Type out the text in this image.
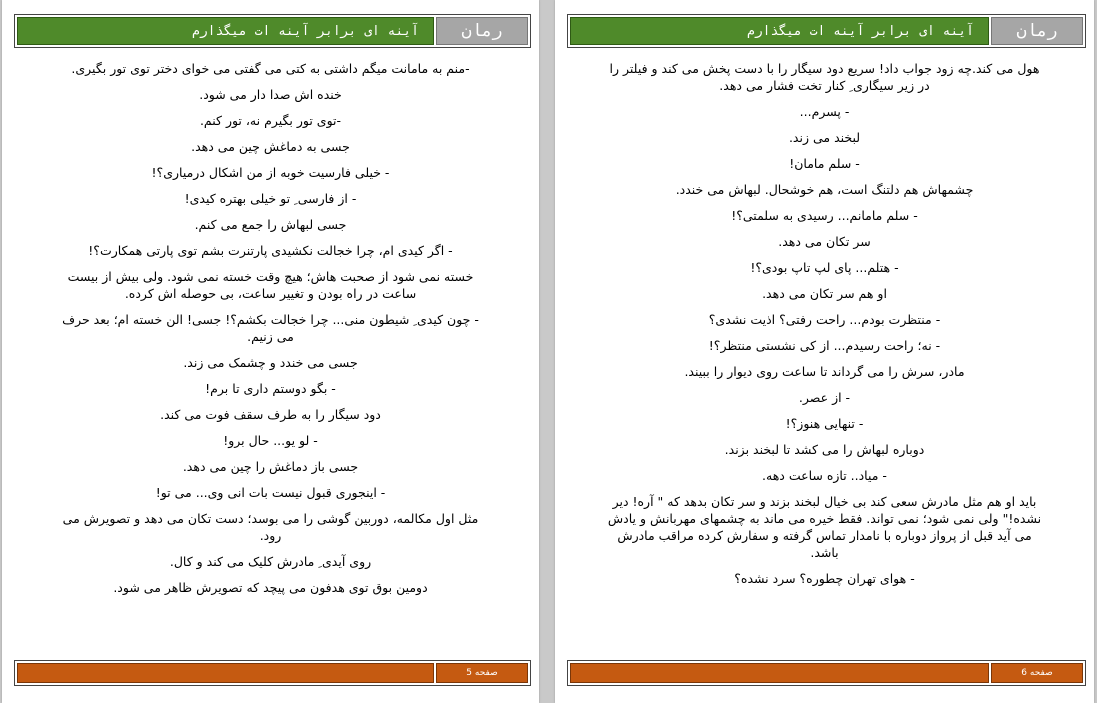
آینه ای برابر آینه ات میگذارم	رمان

-منم به مامانت میگم داشتی به کتی می گفتی می خوای دختر توی تور بگیری.

خنده اش صدا دار می شود.

-توی تور بگیرم نه، تور کنم.

جسی به دماغش چین می دهد.

- خیلی فارسیت خوبه از من اشکال درمیاری؟!

- از فارسی ِ تو خیلی بهتره کیدی!

جسی لبهاش را جمع می کنم.

- اگر کیدی ام، چرا خجالت نکشیدی پارتنرت بشم توی پارتی همکارت؟!

خسته نمی شود از صحبت هاش؛ هیچ وقت خسته نمی شود. ولی بیش از بیست ساعت در راه بودن و تغییر ساعت، بی حوصله اش کرده.

- چون کیدی ِ شیطون منی... چرا خجالت بکشم؟! جسی! الن خسته ام؛ بعد حرف می زنیم.

جسی می خندد و چشمک می زند.

- بگو دوستم داری تا برم!

دود سیگار را به طرف سقف فوت می کند.

- لو یو... حال برو!

جسی باز دماغش را چین می دهد.

- اینجوری قبول نیست بات انی وی... می تو!

مثل اول مکالمه، دوربین گوشی را می بوسد؛ دست تکان می دهد و تصویرش می رود.

روی آیدی ِ مادرش کلیک می کند و کال.

دومین بوق توی هدفون می پیچد که تصویرش ظاهر می شود.

صفحه 5
آینه ای برابر آینه ات میگذارم	رمان

هول می کند.چه زود جواب داد! سریع دود سیگار را با دست پخش می کند و فیلتر را در زیر سیگاری ِ کنار تخت فشار می دهد.

- پسرم...

لبخند می زند.

- سلم مامان!

چشمهاش هم دلتنگ است، هم خوشحال. لبهاش می خندد.

- سلم مامانم... رسیدی به سلمتی؟!

سر تکان می دهد.

- هتلم... پای لپ تاپ بودی؟!

او هم سر تکان می دهد.

- منتظرت بودم... راحت رفتی؟ اذیت نشدی؟

- نه؛ راحت رسیدم... از کی نشستی منتظر؟!

مادر، سرش را می گرداند تا ساعت روی دیوار را ببیند.

- از عصر.

- تنهایی هنوز؟!

دوباره لبهاش را می کشد تا لبخند بزند.

- میاد.. تازه ساعت دهه.

باید او هم مثل مادرش سعی کند بی خیال لبخند بزند و سر تکان بدهد که " آره! دیر نشده!" ولی نمی شود؛ نمی تواند. فقط خیره می ماند به چشمهای مهربانش و یادش می آید قبل از پرواز دوباره با نامدار تماس گرفته و سفارش کرده مراقب مادرش باشد.

- هوای تهران چطوره؟ سرد نشده؟

صفحه 6
